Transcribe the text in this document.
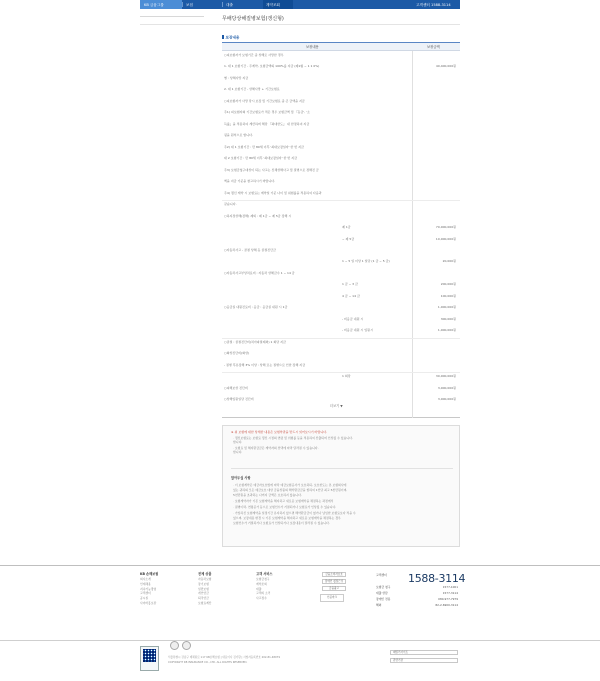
KB 금융그룹	보험	대출	계약조회	고객센터 1588-3114
무배당상해질병보험(갱신형)
보장내용
보장내용	보장금액
○피보험자가 보험기간 중 상해로 사망한 경우
1. 대 1 보험기간 - 주계약, 보험금액의 100%를 지급 (제1형 ~ 1 1 0%)	40,400,000원
별 : 상해사망 지급
2. 대 1 보험기간 - 상해사망 + 기간보험료
○피보험자가 사망 당시 보장 및 기간보험료 중 큰 금액을 지급
주1) 피보험자의 기간보험료가 적은 경우 보험금액 및 『등급', '소
득률』을 적용하여 계산하며 해당 『최대한도』 내 한정하여 지급
됨을 원칙으로 합니다.
주2) 대 1 보험기간 : 만 80세 이후 '최대보장일자' 한 번 지급
대 2 보험기간 : 만 80세 이후 '최대보장일자' 한 번 지급
주3) 보험금청구대상이 되는 사고는 신체상해사고 및 질병으로 정해진 금
액을 지급 기준을 참고하시기 바랍니다.
주4) 갱신 계약 시 보험료는 계약일 기준 나이 및 위험률을 적용하여 다음과
같습니다.
○하지정상해(장해) 제외 : 제 1급 ~ 제 5급 장해 시
제 1급	70,000,000원
~ 제 5급	10,000,000원
○자동차사고 - 골절 상해 등 골절진단금
1 ~ 5 일 이상 1 일당 (1 급 ~ 5 급)	20,000원
○자동차사고부상치료비 : 자동차 상해급수 1 ~ 14 급
1 급 ~ 3 급	200,000원
4 급 ~ 14 급	100,000원
○응급실 내원진료비 : 응급 : 응급실 내원 시 1급	1,000,000원
- 비응급 내원 시	300,000원
- 비응급 내원 시 입원시	1,000,000원
○골절 : 골절진단비(치아파절제외) 1 회당 지급
○화상진단비(화상)
- 질병 후유장해 3% 이상 : 상해 또는 질병으로 인한 장해 지급
1 회당	30,000,000원
○피해보상 진단비	3,000,000원
○상해입원일당 진단비	3,000,000원
더보기 ▼
※ 위 보험에 대한 상세한 내용은 보험약관을 반드시 읽어보시기 바랍니다.
· 갱신보험료는 보험료 갱신 시점의 연령 및 위험률 등을 적용하여 산출되며 인상될 수 있습니다.
합니다.
· 보험료 및 해지환급금은 계약자의 선택에 따라 달라질 수 있습니다.
합니다.
알아두실 사항
· 이 보험계약은 예금자보호법에 따라 예금보험공사가 보호하되, 보호한도는 본 보험회사에
있는 귀하의 모든 예금보호 대상 금융상품의 해약환급금을 합하여 1인당 최고 5천만원이며,
5천만원을 초과하는 나머지 금액은 보호하지 않습니다.
· 보험계약자가 기존 보험계약을 해지하고 새로운 보험계약을 체결하는 과정에서
· 질병이력, 연령증가 등으로 보험인수가 거절되거나 보험료가 인상될 수 있습니다.
· 가입하신 보험계약을 일정기간 유지하지 않으면 해약환급금이 없거나 납입한 보험료보다 적을 수
있으며, 보장내용 변경 시 기존 보험계약을 해지하고 새로운 보험계약을 체결하는 경우
보험인수가 거절되거나 보험료가 인상되거나 보장내용이 달라질 수 있습니다.
KB 손해보험
회사소개
인재채용
지속가능경영
고객센터
공시실
사이버홍보관
전체 상품
자동차보험
장기보험
일반보험
개인연금
퇴직연금
보험료계산
고객 서비스
보험금청구
계약조회
대출
고객의 소리
사고접수
금융소비자보호
장애인 웹접근성
금융광고
인증마크
1588-3114
고객센터
보험금 청구	1577-1001
대출 상담	1577-3114
장애인 전용	080-977-7979
해외	82-2-6900-3114
서울특별시 강남구 테헤란로 117 KB손해보험 | 대표이사 김기환 | 사업자등록번호 202-81-48079
COPYRIGHT KB INSURANCE CO., LTD. ALL RIGHTS RESERVED.
패밀리사이트
관련기관
